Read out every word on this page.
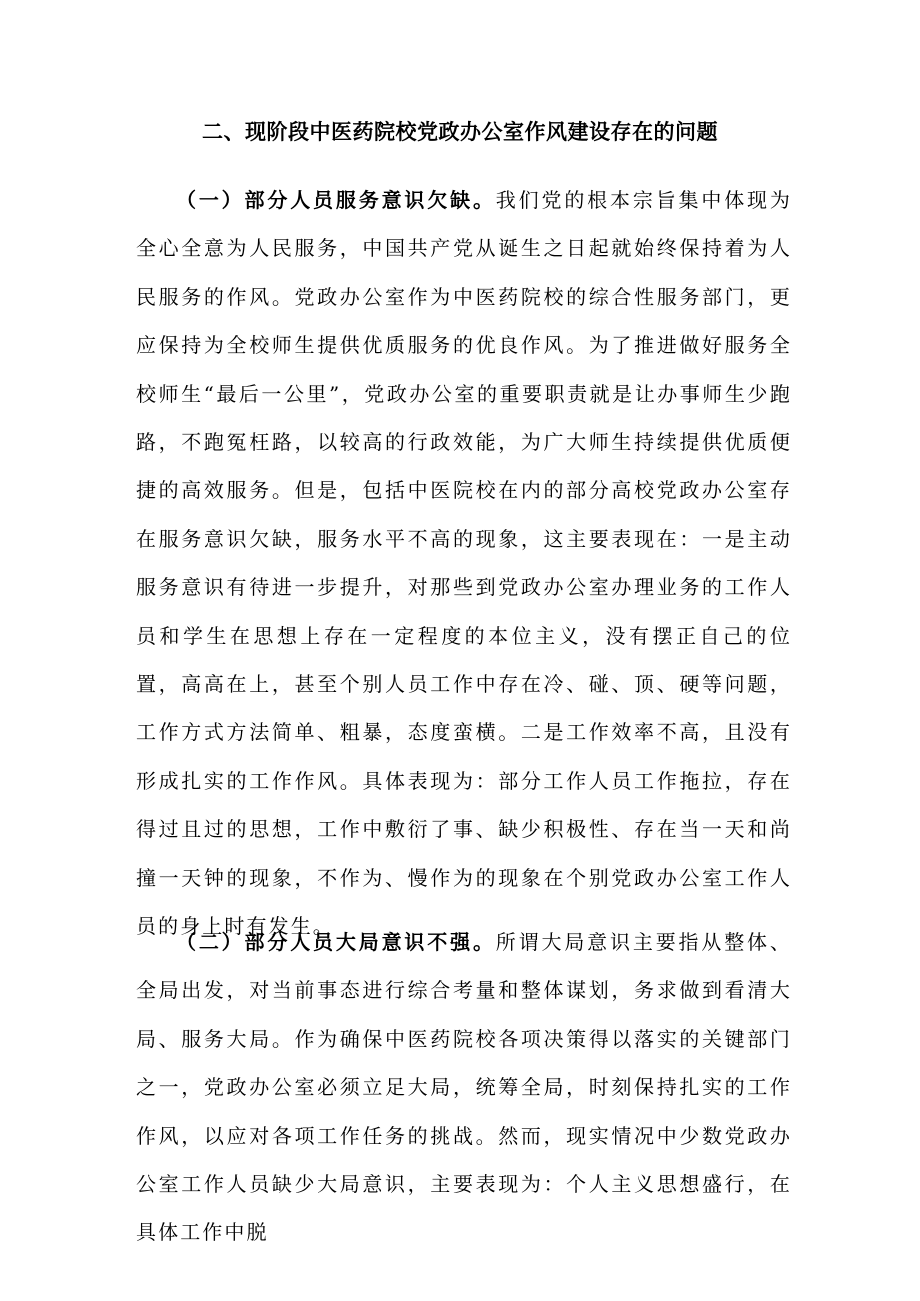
二、现阶段中医药院校党政办公室作风建设存在的问题

（一）部分人员服务意识欠缺。我们党的根本宗旨集中体现为全心全意为人民服务，中国共产党从诞生之日起就始终保持着为人民服务的作风。党政办公室作为中医药院校的综合性服务部门，更应保持为全校师生提供优质服务的优良作风。为了推进做好服务全校师生“最后一公里”，党政办公室的重要职责就是让办事师生少跑路，不跑冤枉路，以较高的行政效能，为广大师生持续提供优质便捷的高效服务。但是，包括中医院校在内的部分高校党政办公室存在服务意识欠缺，服务水平不高的现象，这主要表现在：一是主动服务意识有待进一步提升，对那些到党政办公室办理业务的工作人员和学生在思想上存在一定程度的本位主义，没有摆正自己的位置，高高在上，甚至个别人员工作中存在冷、碰、顶、硬等问题，工作方式方法简单、粗暴，态度蛮横。二是工作效率不高，且没有形成扎实的工作作风。具体表现为：部分工作人员工作拖拉，存在得过且过的思想，工作中敷衍了事、缺少积极性、存在当一天和尚撞一天钟的现象，不作为、慢作为的现象在个别党政办公室工作人员的身上时有发生。

（二）部分人员大局意识不强。所谓大局意识主要指从整体、全局出发，对当前事态进行综合考量和整体谋划，务求做到看清大局、服务大局。作为确保中医药院校各项决策得以落实的关键部门之一，党政办公室必须立足大局，统筹全局，时刻保持扎实的工作作风，以应对各项工作任务的挑战。然而，现实情况中少数党政办公室工作人员缺少大局意识，主要表现为：个人主义思想盛行，在具体工作中脱
